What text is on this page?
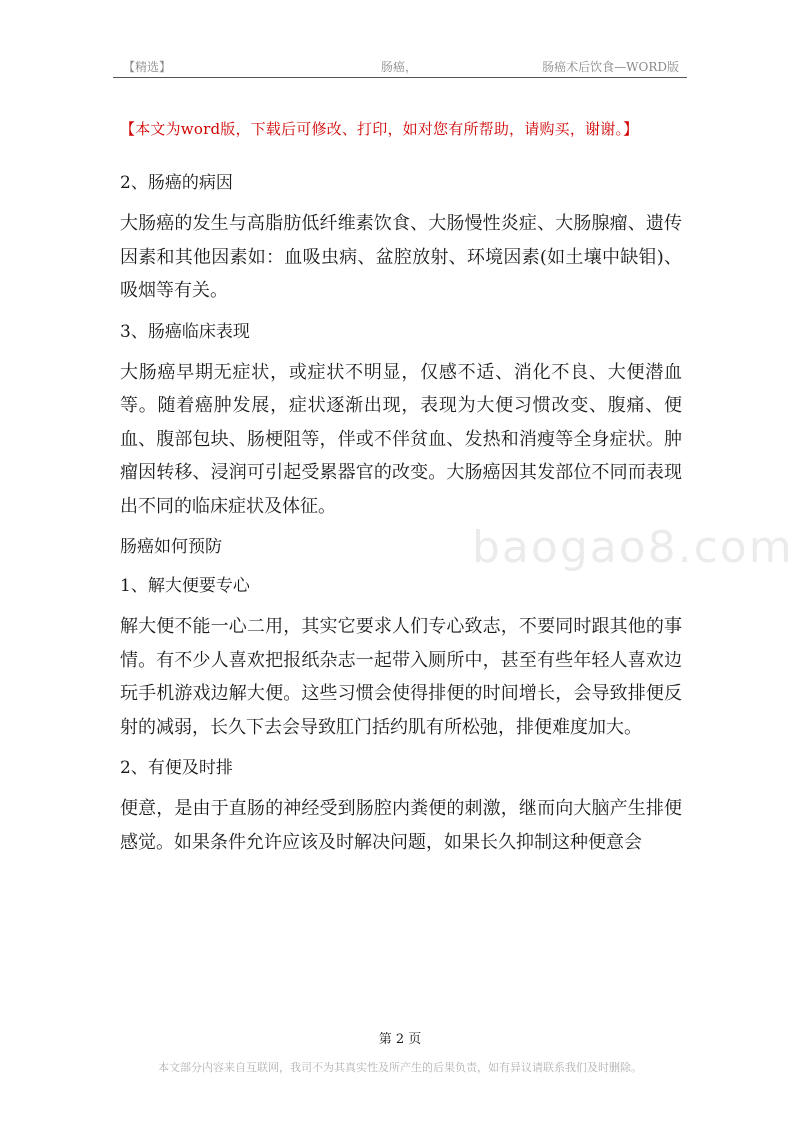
【精选】	肠癌，	肠癌术后饮食—WORD版
【本文为word版，下载后可修改、打印，如对您有所帮助，请购买，谢谢。】
baogao8.com

2、肠癌的病因

大肠癌的发生与高脂肪低纤维素饮食、大肠慢性炎症、大肠腺瘤、遗传因素和其他因素如：血吸虫病、盆腔放射、环境因素(如土壤中缺钼)、吸烟等有关。

3、肠癌临床表现

大肠癌早期无症状，或症状不明显，仅感不适、消化不良、大便潜血等。随着癌肿发展，症状逐渐出现，表现为大便习惯改变、腹痛、便血、腹部包块、肠梗阻等，伴或不伴贫血、发热和消瘦等全身症状。肿瘤因转移、浸润可引起受累器官的改变。大肠癌因其发部位不同而表现出不同的临床症状及体征。

肠癌如何预防

1、解大便要专心

解大便不能一心二用，其实它要求人们专心致志，不要同时跟其他的事情。有不少人喜欢把报纸杂志一起带入厕所中，甚至有些年轻人喜欢边玩手机游戏边解大便。这些习惯会使得排便的时间增长，会导致排便反射的减弱，长久下去会导致肛门括约肌有所松弛，排便难度加大。

2、有便及时排

便意，是由于直肠的神经受到肠腔内粪便的刺激，继而向大脑产生排便感觉。如果条件允许应该及时解决问题，如果长久抑制这种便意会

第 2 页
本文部分内容来自互联网，我司不为其真实性及所产生的后果负责，如有异议请联系我们及时删除。
